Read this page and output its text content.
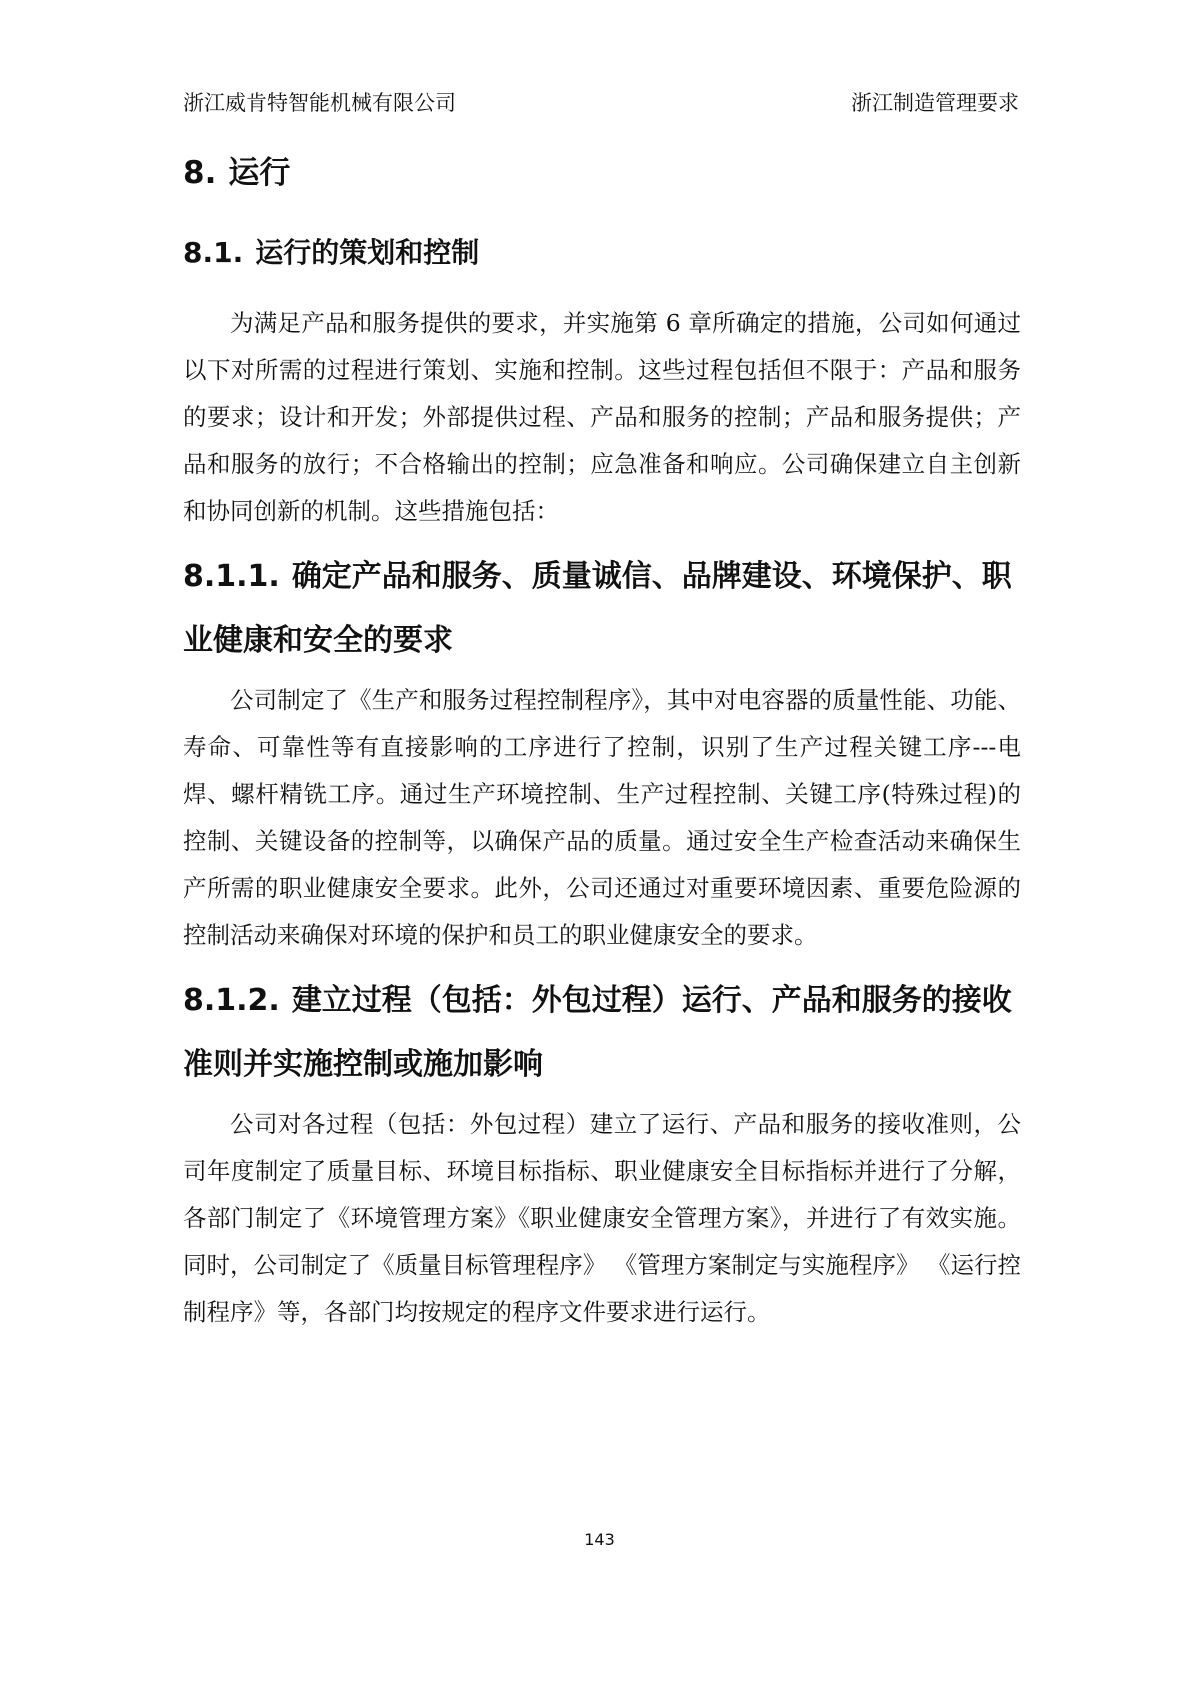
浙江威肯特智能机械有限公司	浙江制造管理要求
8. 运行
8.1. 运行的策划和控制

为满足产品和服务提供的要求，并实施第 6 章所确定的措施，公司如何通过以下对所需的过程进行策划、实施和控制。这些过程包括但不限于：产品和服务的要求；设计和开发；外部提供过程、产品和服务的控制；产品和服务提供；产品和服务的放行；不合格输出的控制；应急准备和响应。公司确保建立自主创新和协同创新的机制。这些措施包括：

8.1.1. 确定产品和服务、质量诚信、品牌建设、环境保护、职业健康和安全的要求

公司制定了《生产和服务过程控制程序》，其中对电容器的质量性能、功能、寿命、可靠性等有直接影响的工序进行了控制，识别了生产过程关键工序---电焊、螺杆精铣工序。通过生产环境控制、生产过程控制、关键工序(特殊过程)的控制、关键设备的控制等，以确保产品的质量。通过安全生产检查活动来确保生产所需的职业健康安全要求。此外，公司还通过对重要环境因素、重要危险源的控制活动来确保对环境的保护和员工的职业健康安全的要求。

8.1.2. 建立过程（包括：外包过程）运行、产品和服务的接收准则并实施控制或施加影响

公司对各过程（包括：外包过程）建立了运行、产品和服务的接收准则，公司年度制定了质量目标、环境目标指标、职业健康安全目标指标并进行了分解，各部门制定了《环境管理方案》《职业健康安全管理方案》，并进行了有效实施。同时，公司制定了《质量目标管理程序》 《管理方案制定与实施程序》 《运行控制程序》等，各部门均按规定的程序文件要求进行运行。

143
